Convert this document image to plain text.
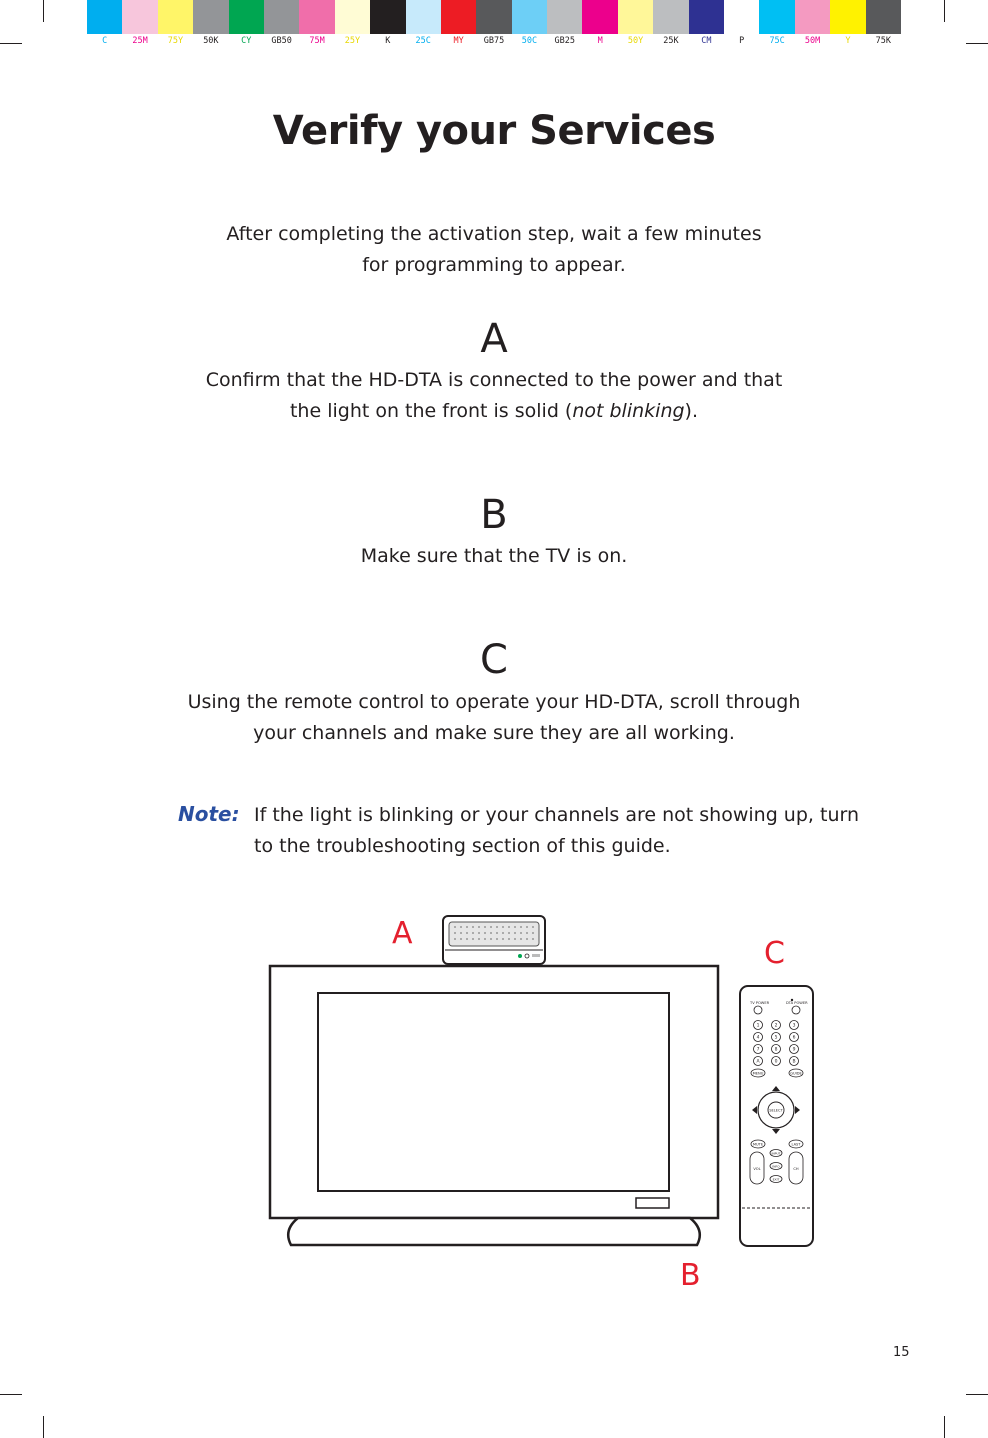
C	25M	75Y	50K	CY	GB50	75M	25Y	K	25C	MY	GB75	50C	GB25	M	50Y	25K	CM	P	75C	50M	Y	75K
Verify your Services
After completing the activation step, wait a few minutes
for programming to appear.
A
Confirm that the HD-DTA is connected to the power and that
the light on the front is solid (not blinking).
B
Make sure that the TV is on.
C
Using the remote control to operate your HD-DTA, scroll through
your channels and make sure they are all working.
Note: If the light is blinking or your channels are not showing up, turn to the troubleshooting section of this guide.
TV POWER	DTA POWER
1	2	3
4	5	6
7	8	9
A	0	B
MENU	GUIDE
SELECT
MUTE	LAST
VOL	CH
INPUT
INFO
EXIT
A
C
B
15
